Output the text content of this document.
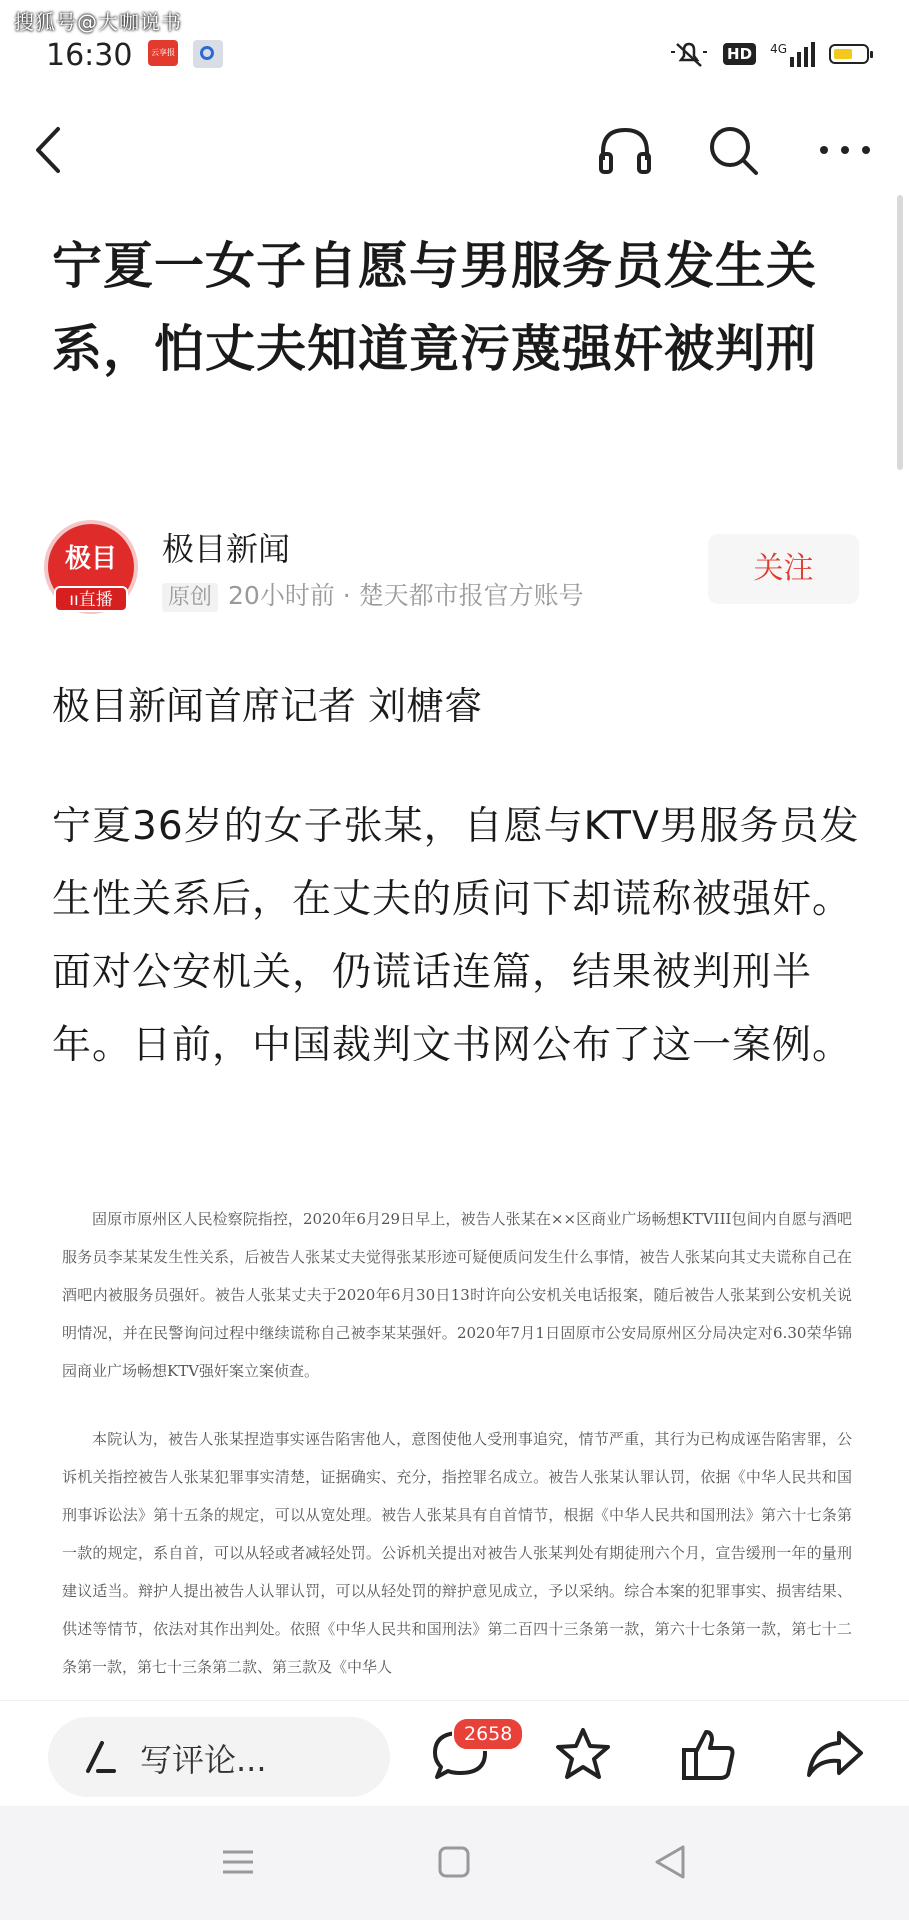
搜狐号@大咖说书
16:30	云享报	HD	4G
宁夏一女子自愿与男服务员发生关系，怕丈夫知道竟污蔑强奸被判刑
极目
ıı直播
极目新闻
原创 20小时前 · 楚天都市报官方账号
关注
极目新闻首席记者 刘榶睿

宁夏36岁的女子张某，自愿与KTV男服务员发生性关系后，在丈夫的质问下却谎称被强奸。面对公安机关，仍谎话连篇，结果被判刑半年。日前，中国裁判文书网公布了这一案例。

固原市原州区人民检察院指控，2020年6月29日早上，被告人张某在××区商业广场畅想KTVIII包间内自愿与酒吧服务员李某某发生性关系，后被告人张某丈夫觉得张某形迹可疑便质问发生什么事情，被告人张某向其丈夫谎称自己在酒吧内被服务员强奸。被告人张某丈夫于2020年6月30日13时许向公安机关电话报案，随后被告人张某到公安机关说明情况，并在民警询问过程中继续谎称自己被李某某强奸。2020年7月1日固原市公安局原州区分局决定对6.30荣华锦园商业广场畅想KTV强奸案立案侦查。

本院认为，被告人张某捏造事实诬告陷害他人，意图使他人受刑事追究，情节严重，其行为已构成诬告陷害罪，公诉机关指控被告人张某犯罪事实清楚，证据确实、充分，指控罪名成立。被告人张某认罪认罚，依据《中华人民共和国刑事诉讼法》第十五条的规定，可以从宽处理。被告人张某具有自首情节，根据《中华人民共和国刑法》第六十七条第一款的规定，系自首，可以从轻或者减轻处罚。公诉机关提出对被告人张某判处有期徒刑六个月，宣告缓刑一年的量刑建议适当。辩护人提出被告人认罪认罚，可以从轻处罚的辩护意见成立，予以采纳。综合本案的犯罪事实、损害结果、供述等情节，依法对其作出判处。依照《中华人民共和国刑法》第二百四十三条第一款，第六十七条第一款，第七十二条第一款，第七十三条第二款、第三款及《中华人

写评论...
2658
